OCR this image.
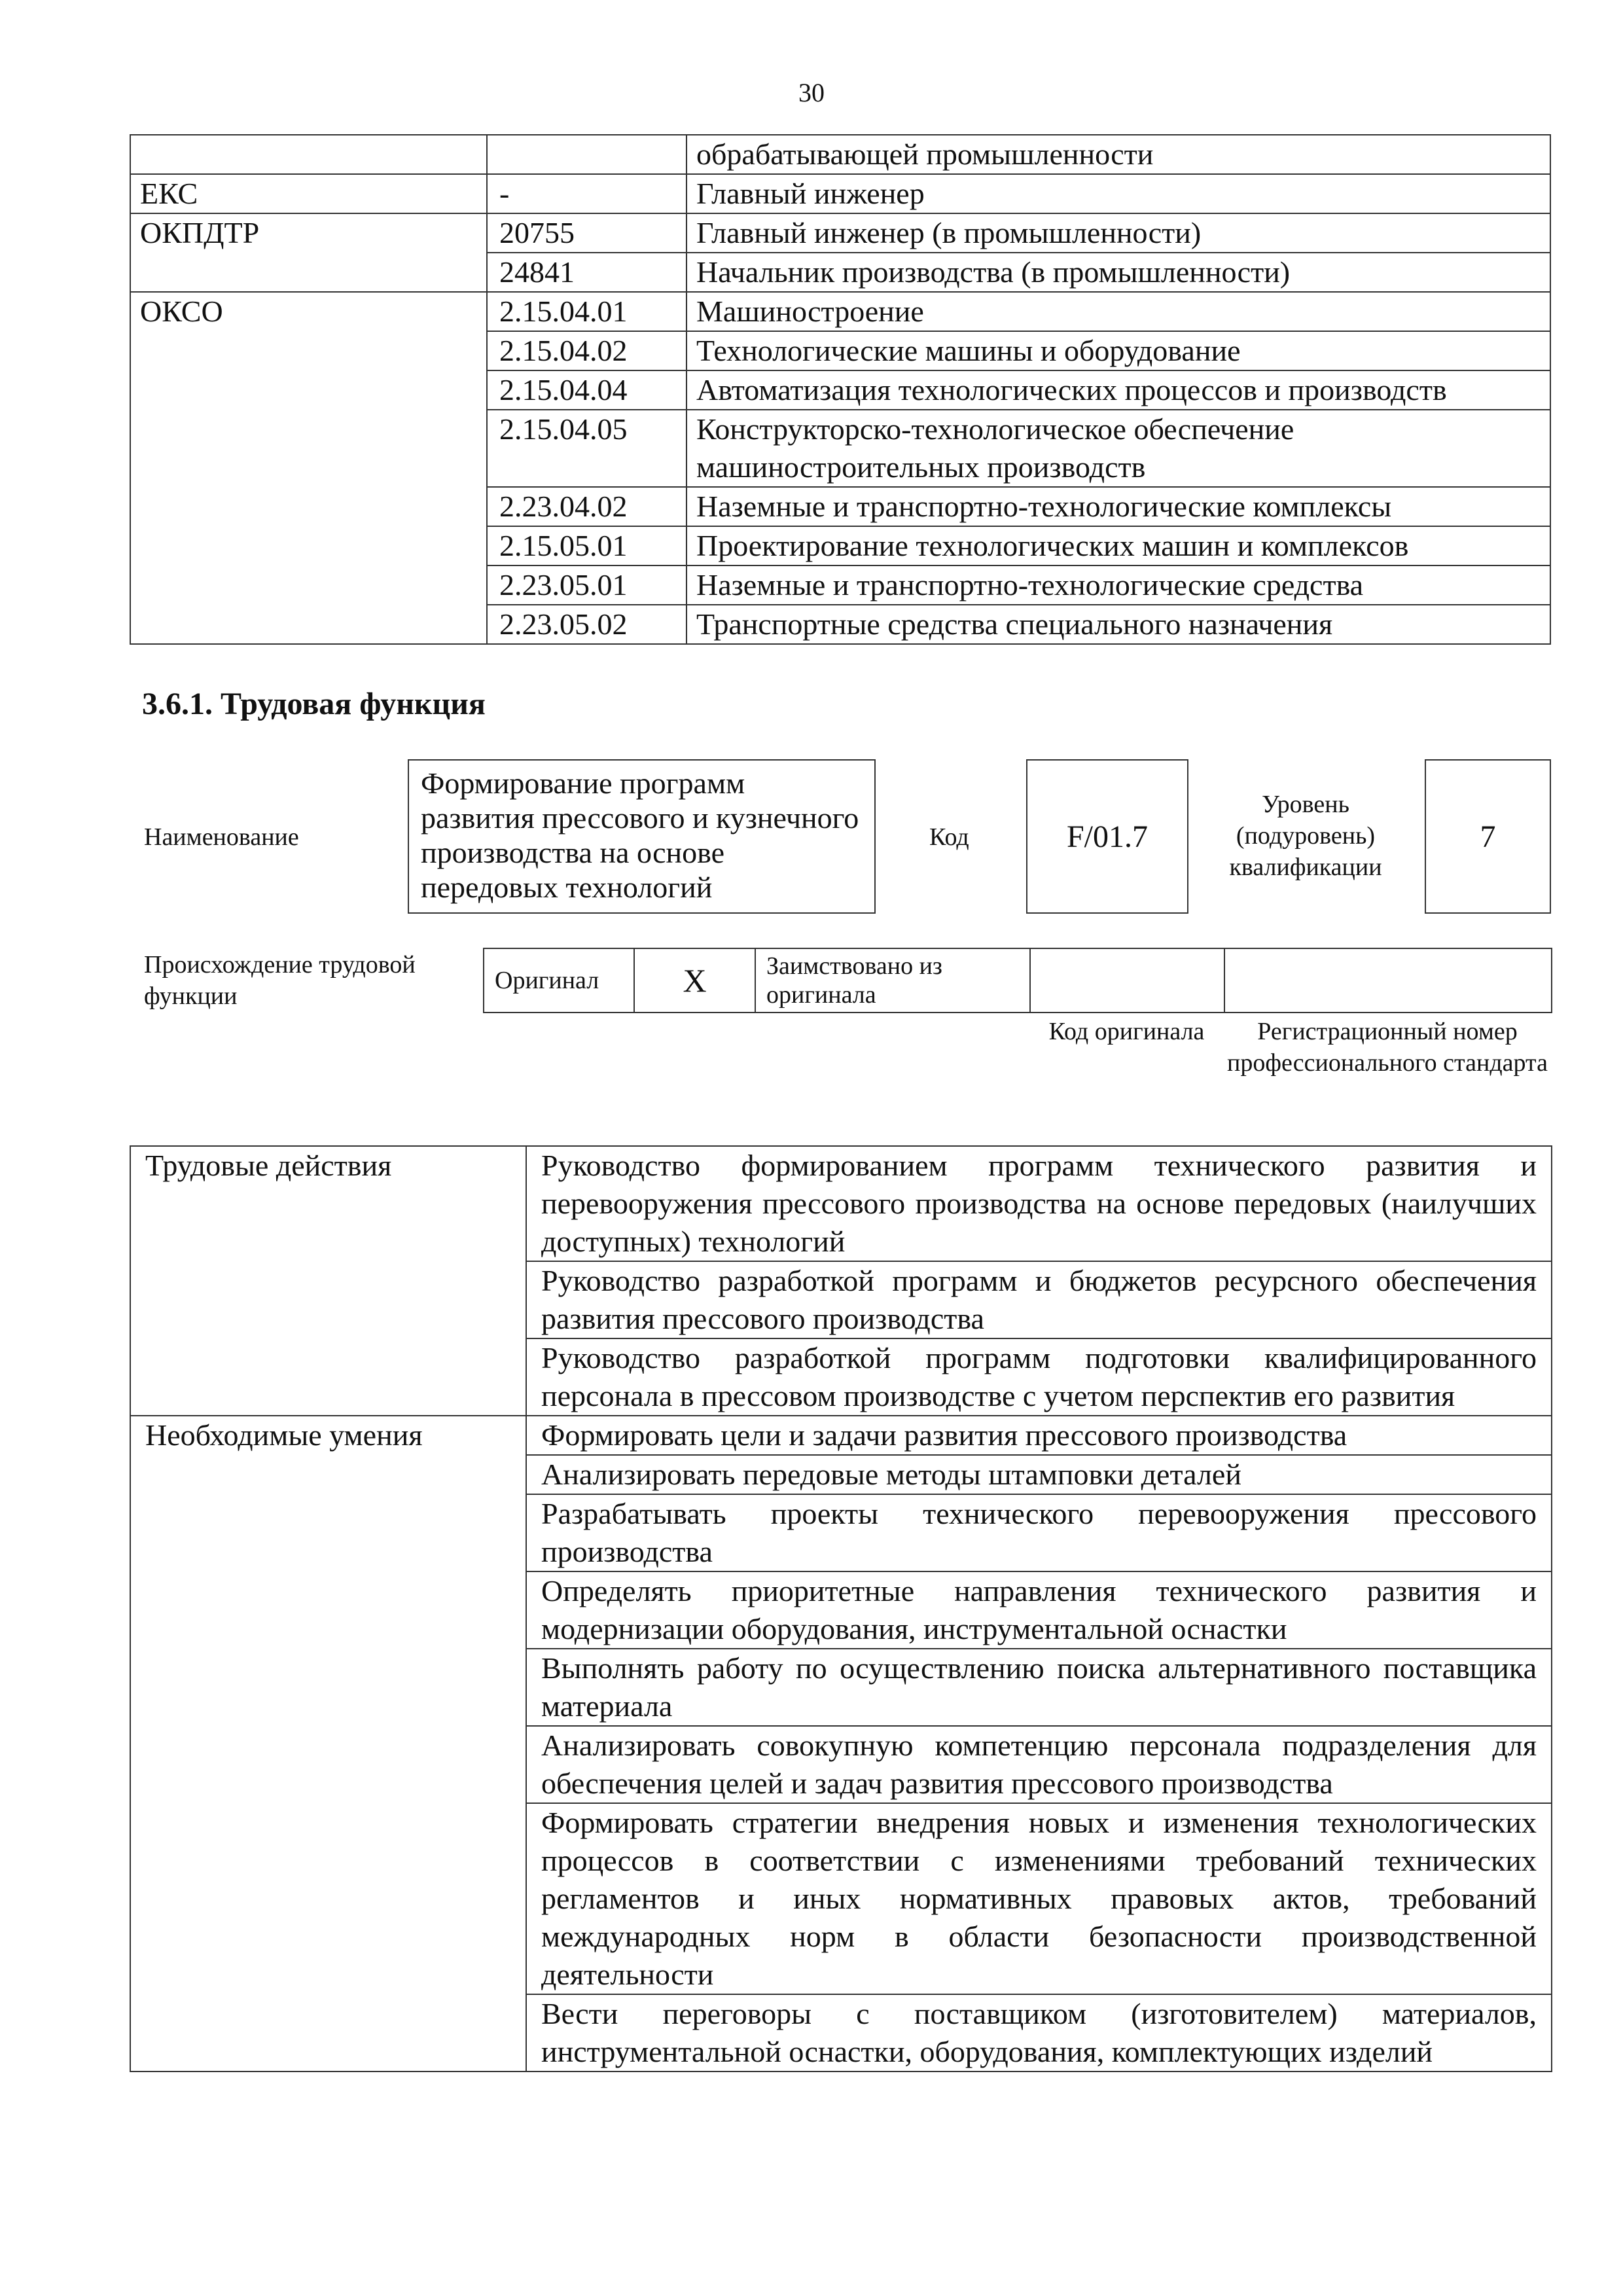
30
		обрабатывающей промышленности
ЕКС	-	Главный инженер
ОКПДТР	20755	Главный инженер (в промышленности)
	24841	Начальник производства (в промышленности)
ОКСО	2.15.04.01	Машиностроение
	2.15.04.02	Технологические машины и оборудование
	2.15.04.04	Автоматизация технологических процессов и производств
	2.15.04.05	Конструкторско-технологическое обеспечение машиностроительных производств
	2.23.04.02	Наземные и транспортно-технологические комплексы
	2.15.05.01	Проектирование технологических машин и комплексов
	2.23.05.01	Наземные и транспортно-технологические средства
	2.23.05.02	Транспортные средства специального назначения
3.6.1. Трудовая функция
Наименование
Формирование программ развития прессового и кузнечного производства на основе передовых технологий
Код	F/01.7
Уровень (подуровень) квалификации
7
Происхождение трудовой функции
Оригинал	X	Заимствовано из оригинала		
Код оригинала	Регистрационный номер профессионального стандарта
Трудовые действия	Руководство формированием программ технического развития и перевооружения прессового производства на основе передовых (наилучших доступных) технологий
	Руководство разработкой программ и бюджетов ресурсного обеспечения развития прессового производства
	Руководство разработкой программ подготовки квалифицированного персонала в прессовом производстве с учетом перспектив его развития
Необходимые умения	Формировать цели и задачи развития прессового производства
	Анализировать передовые методы штамповки деталей
	Разрабатывать проекты технического перевооружения прессового производства
	Определять приоритетные направления технического развития и модернизации оборудования, инструментальной оснастки
	Выполнять работу по осуществлению поиска альтернативного поставщика материала
	Анализировать совокупную компетенцию персонала подразделения для обеспечения целей и задач развития прессового производства
	Формировать стратегии внедрения новых и изменения технологических процессов в соответствии с изменениями требований технических регламентов и иных нормативных правовых актов, требований международных норм в области безопасности производственной деятельности
	Вести переговоры с поставщиком (изготовителем) материалов, инструментальной оснастки, оборудования, комплектующих изделий
